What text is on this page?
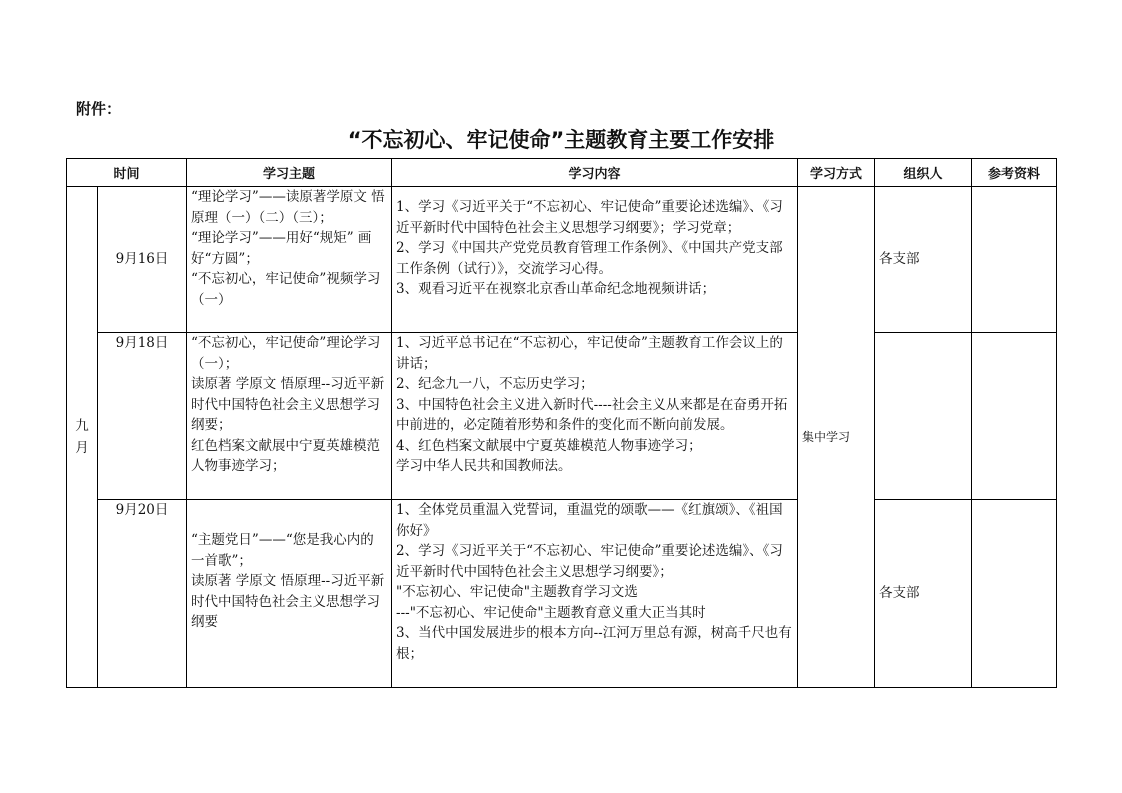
附件：
“不忘初心、牢记使命”主题教育主要工作安排
时间		学习主题	学习内容	学习方式	组织人	参考资料
九月	9月16日	“理论学习”——读原著学原文 悟原理（一）（二）（三）；
“理论学习”——用好“规矩” 画好“方圆”；
“不忘初心，牢记使命”视频学习（一）	1、学习《习近平关于“不忘初心、牢记使命”重要论述选编》、《习近平新时代中国特色社会主义思想学习纲要》；学习党章；
2、学习《中国共产党党员教育管理工作条例》、《中国共产党支部工作条例（试行）》，交流学习心得。
3、观看习近平在视察北京香山革命纪念地视频讲话；	集中学习	各支部	
	9月18日	“不忘初心，牢记使命”理论学习（一）；
读原著 学原文 悟原理--习近平新时代中国特色社会主义思想学习纲要；
红色档案文献展中宁夏英雄模范人物事迹学习；	1、习近平总书记在“不忘初心，牢记使命”主题教育工作会议上的讲话；
2、纪念九一八，不忘历史学习；
3、中国特色社会主义进入新时代----社会主义从来都是在奋勇开拓中前进的，必定随着形势和条件的变化而不断向前发展。
4、红色档案文献展中宁夏英雄模范人物事迹学习；
学习中华人民共和国教师法。			
	9月20日	“主题党日”——“您是我心内的一首歌”；
读原著 学原文 悟原理--习近平新时代中国特色社会主义思想学习纲要	1、全体党员重温入党誓词，重温党的颂歌——《红旗颂》、《祖国你好》
2、学习《习近平关于“不忘初心、牢记使命”重要论述选编》、《习近平新时代中国特色社会主义思想学习纲要》；
"不忘初心、牢记使命"主题教育学习文选
---"不忘初心、牢记使命"主题教育意义重大正当其时
3、当代中国发展进步的根本方向--江河万里总有源，树高千尺也有根；		各支部	
